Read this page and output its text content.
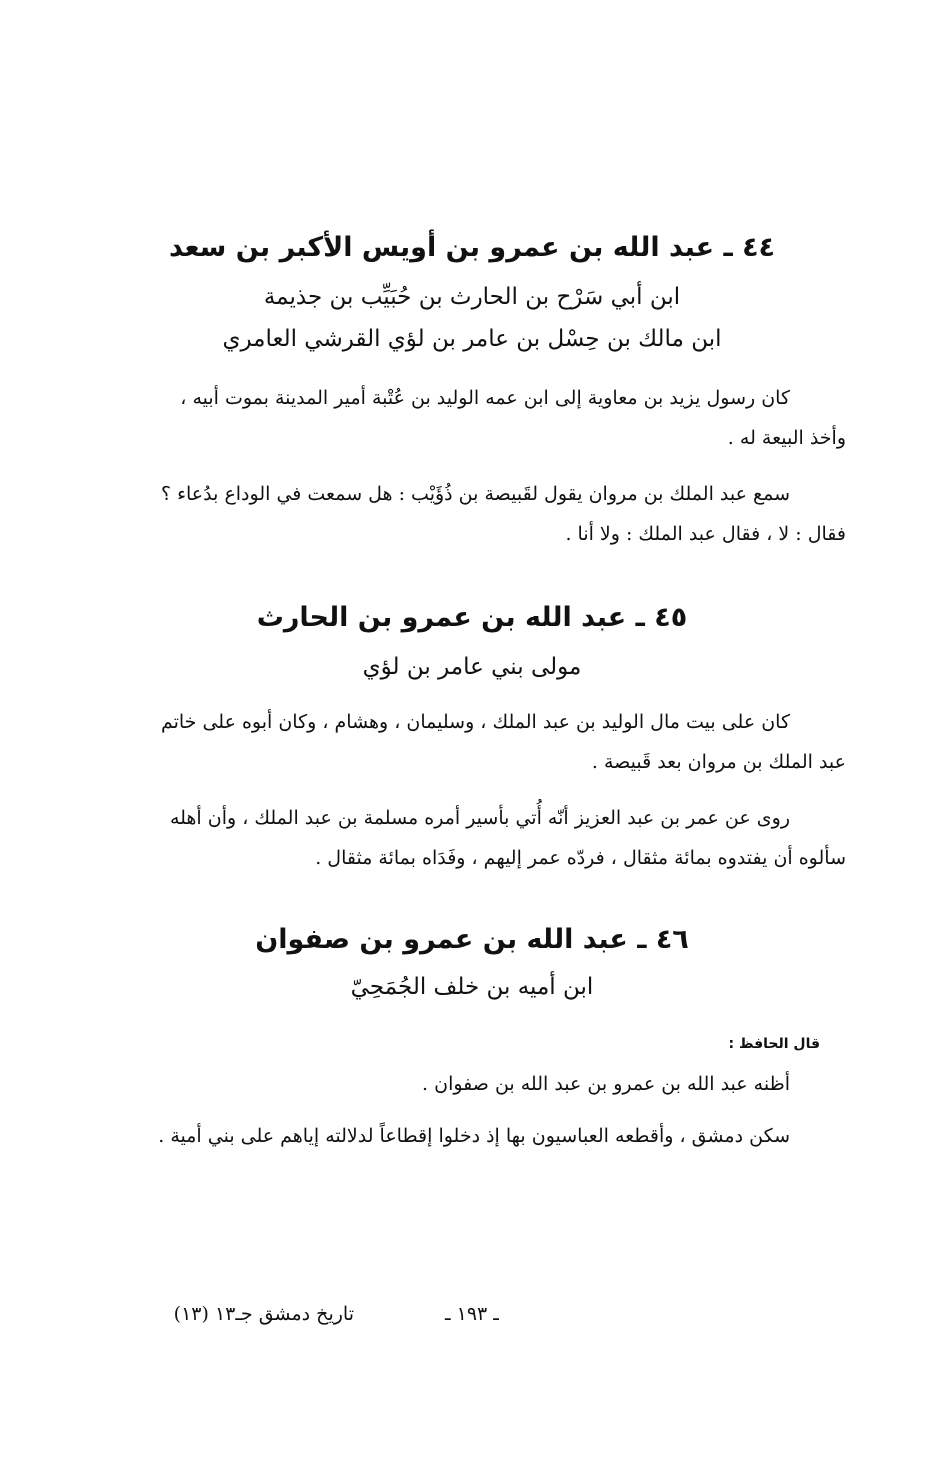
٤٤ ـ عبد الله بن عمرو بن أويس الأكبر بن سعد
ابن أبي سَرْح بن الحارث بن حُبَيِّب بن جذيمة
ابن مالك بن حِسْل بن عامر بن لؤي القرشي العامري
كان رسول يزيد بن معاوية إلى ابن عمه الوليد بن عُتْبة أمير المدينة بموت أبيه ،
وأخذ البيعة له .
سمع عبد الملك بن مروان يقول لقَبيصة بن ذُؤَيْب : هل سمعت في الوداع بدُعاء ؟
فقال : لا ، فقال عبد الملك : ولا أنا .
٤٥ ـ عبد الله بن عمرو بن الحارث
مولى بني عامر بن لؤي
كان على بيت مال الوليد بن عبد الملك ، وسليمان ، وهشام ، وكان أبوه على خاتم
عبد الملك بن مروان بعد قَبيصة .
روى عن عمر بن عبد العزيز أنّه أُتي بأسير أمره مسلمة بن عبد الملك ، وأن أهله
سألوه أن يفتدوه بمائة مثقال ، فردّه عمر إليهم ، وفَدَاه بمائة مثقال .
٤٦ ـ عبد الله بن عمرو بن صفوان
ابن أميه بن خلف الجُمَحِيّ
قال الحافظ :
أظنه عبد الله بن عمرو بن عبد الله بن صفوان .
سكن دمشق ، وأقطعه العباسيون بها إذ دخلوا إقطاعاً لدلالته إياهم على بني أمية .
تاريخ دمشق جـ١٣ (١٣)	ـ ١٩٣ ـ
